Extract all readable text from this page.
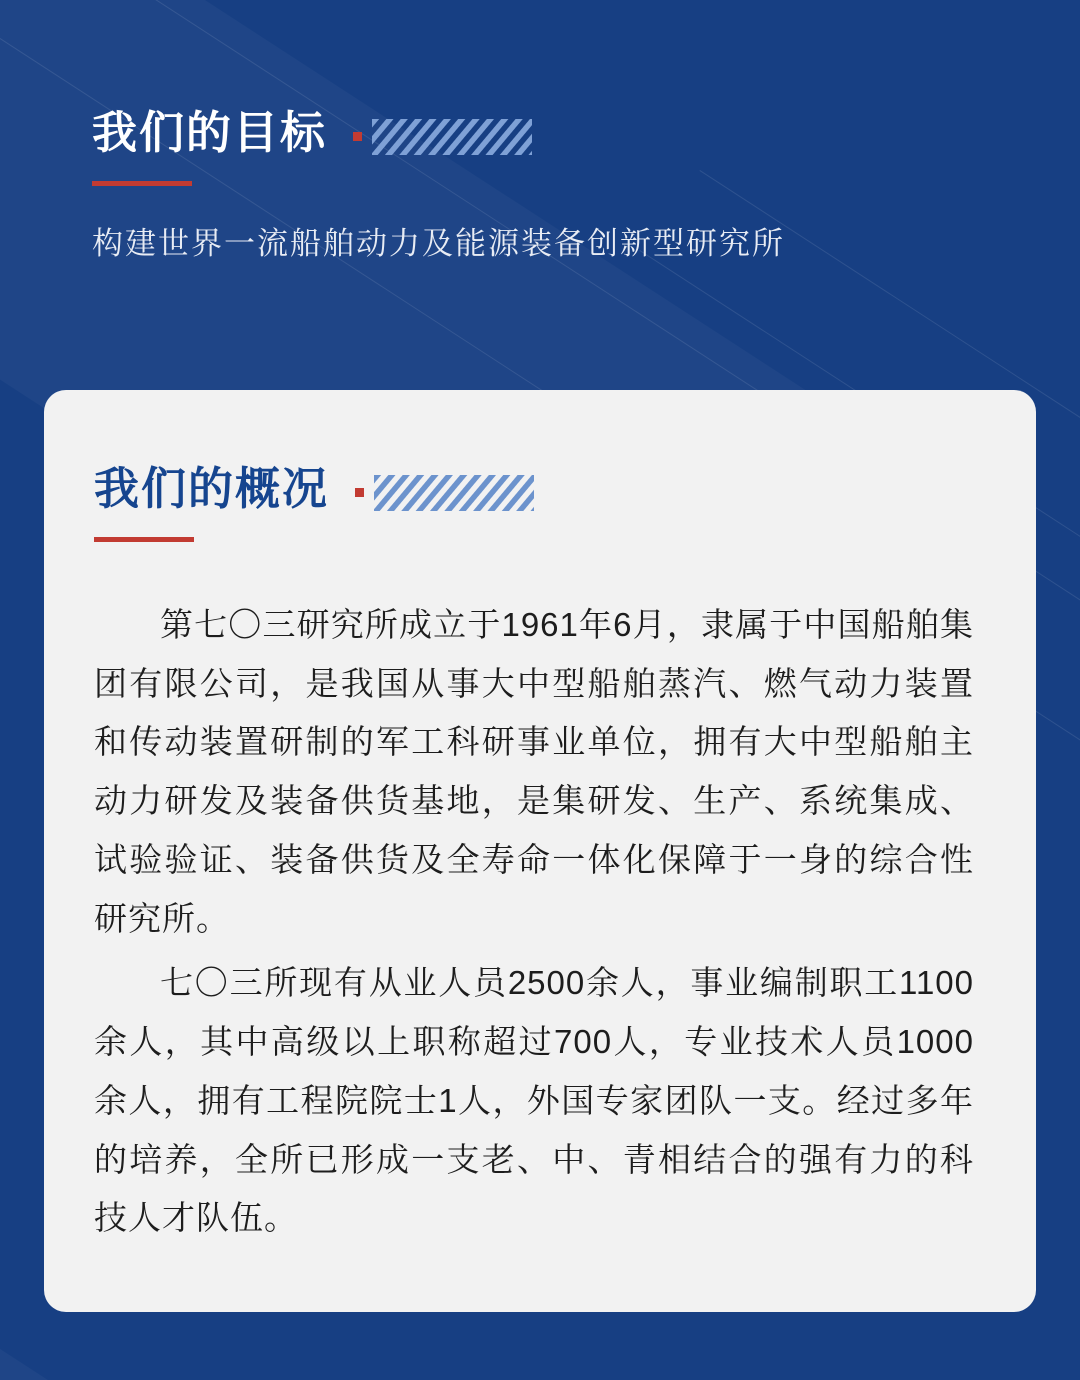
我们的目标
构建世界一流船舶动力及能源装备创新型研究所
我们的概况

第七〇三研究所成立于1961年6月，隶属于中国船舶集团有限公司，是我国从事大中型船舶蒸汽、燃气动力装置和传动装置研制的军工科研事业单位，拥有大中型船舶主动力研发及装备供货基地，是集研发、生产、系统集成、试验验证、装备供货及全寿命一体化保障于一身的综合性研究所。

七〇三所现有从业人员2500余人，事业编制职工1100余人，其中高级以上职称超过700人，专业技术人员1000余人，拥有工程院院士1人，外国专家团队一支。经过多年的培养，全所已形成一支老、中、青相结合的强有力的科技人才队伍。
